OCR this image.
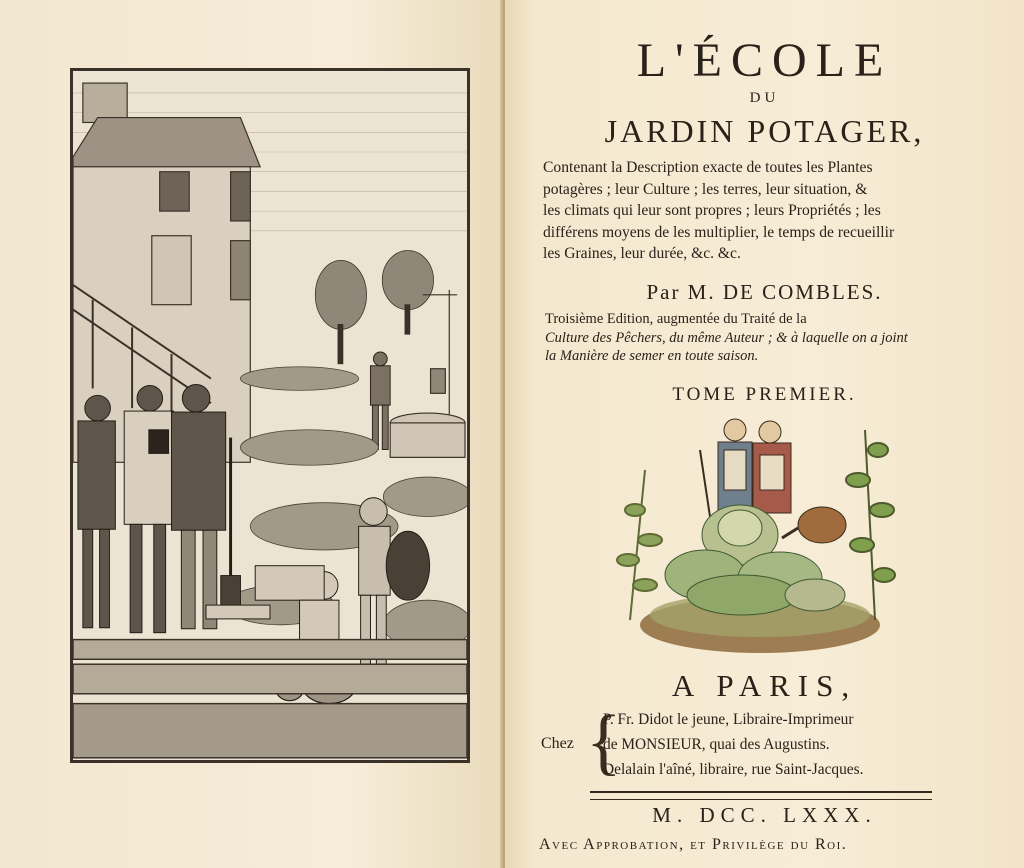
L'ÉCOLE
DU
JARDIN POTAGER,
Contenant la Description exacte de toutes les Plantes
potagères ; leur Culture ; les terres, leur situation, &
les climats qui leur sont propres ; leurs Propriétés ; les
différens moyens de les multiplier, le temps de recueillir
les Graines, leur durée, &c. &c.
Par M. DE COMBLES.
Troisième Edition, augmentée du Traité de la
Culture des Pêchers, du même Auteur ; & à laquelle on a joint
la Manière de semer en toute saison.
TOME PREMIER.
A PARIS,
Chez {
P. Fr. Didot le jeune, Libraire-Imprimeur
de MONSIEUR, quai des Augustins.
Delalain l'aîné, libraire, rue Saint-Jacques.
M. DCC. LXXX.
Avec Approbation, et Privilège du Roi.
